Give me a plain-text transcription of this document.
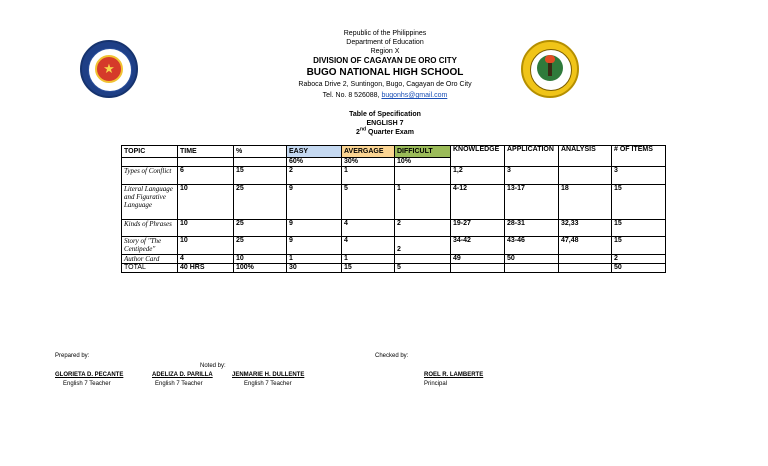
★
Republic of the Philippines
Department of Education
Region X
DIVISION OF CAGAYAN DE ORO CITY
BUGO NATIONAL HIGH SCHOOL
Raboca Drive 2, Suntingon, Bugo, Cagayan de Oro City
Tel. No. 8 526088, bugonhs@gmail.com
Table of Specification
ENGLISH 7
2nd Quarter Exam
TOPIC	TIME	%	EASY	AVERGAGE	DIFFICULT	KNOWLEDGE	APPLICATION	ANALYSIS	# OF ITEMS
			60%	30%	10%				
Types of Conflict	6	15	2	1		1,2	3		3
Literal Language and Figurative Language	10	25	9	5	1	4-12	13-17	18	15
Kinds of Phrases	10	25	9	4	2	19-27	28-31	32,33	15
Story of "The Centipede"	10	25	9	4	2	34-42	43-46	47,48	15
Author Card	4	10	1	1		49	50		2
TOTAL	40 HRS	100%	30	15	5				50
Prepared by:
Noted by:
Checked by:
GLORIETA D. PECANTE
English 7 Teacher
ADELIZA D. PARILLA
English 7 Teacher
JENMARIE H. DULLENTE
English 7 Teacher
ROEL R. LAMBERTE
Principal
